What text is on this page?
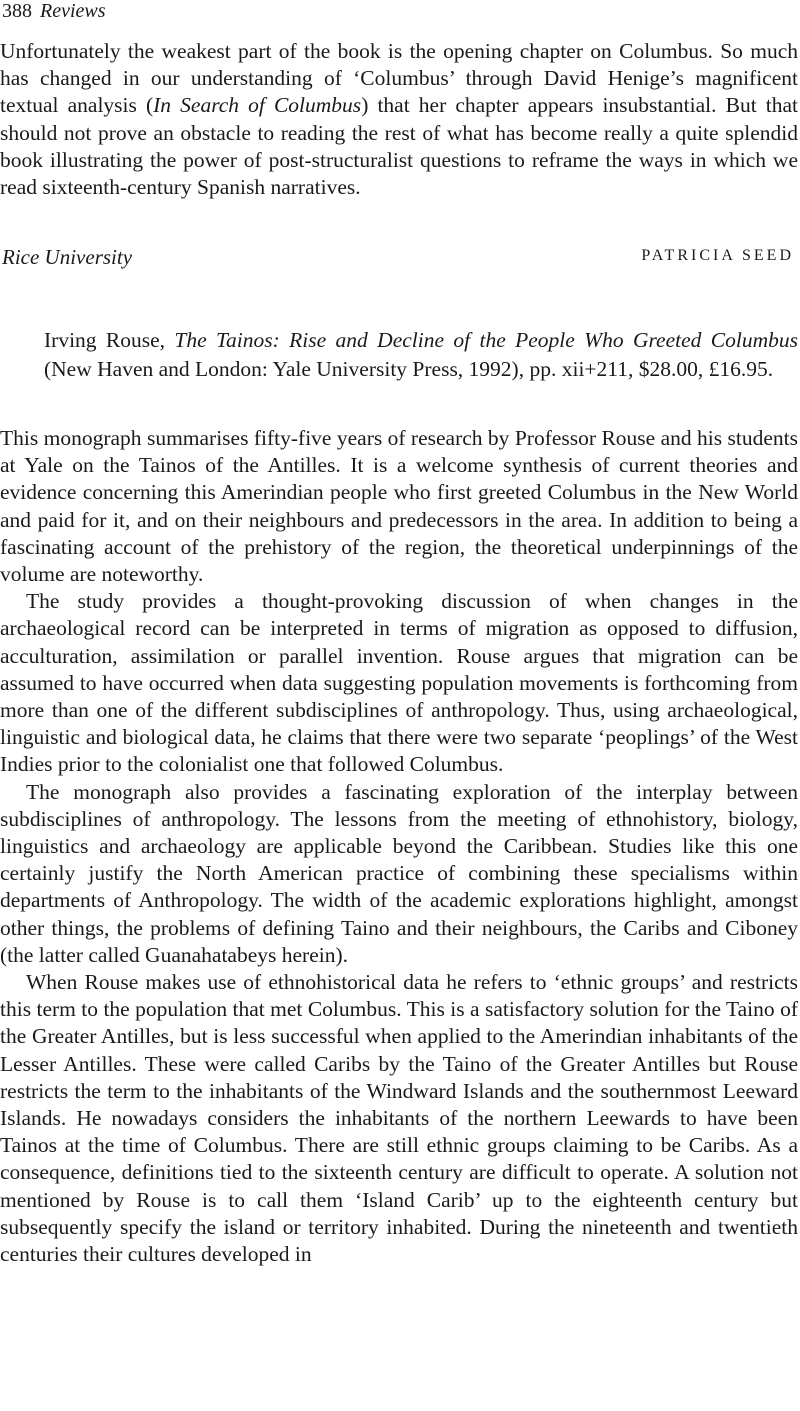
388 Reviews

Unfortunately the weakest part of the book is the opening chapter on Columbus. So much has changed in our understanding of ‘Columbus’ through David Henige’s magnificent textual analysis (In Search of Columbus) that her chapter appears insubstantial. But that should not prove an obstacle to reading the rest of what has become really a quite splendid book illustrating the power of post-structuralist questions to reframe the ways in which we read sixteenth-century Spanish narratives.

Rice University	PATRICIA SEED

Irving Rouse, The Tainos: Rise and Decline of the People Who Greeted Columbus (New Haven and London: Yale University Press, 1992), pp. xii+211, $28.00, £16.95.

This monograph summarises fifty-five years of research by Professor Rouse and his students at Yale on the Tainos of the Antilles. It is a welcome synthesis of current theories and evidence concerning this Amerindian people who first greeted Columbus in the New World and paid for it, and on their neighbours and predecessors in the area. In addition to being a fascinating account of the prehistory of the region, the theoretical underpinnings of the volume are noteworthy.

The study provides a thought-provoking discussion of when changes in the archaeological record can be interpreted in terms of migration as opposed to diffusion, acculturation, assimilation or parallel invention. Rouse argues that migration can be assumed to have occurred when data suggesting population movements is forthcoming from more than one of the different subdisciplines of anthropology. Thus, using archaeological, linguistic and biological data, he claims that there were two separate ‘peoplings’ of the West Indies prior to the colonialist one that followed Columbus.

The monograph also provides a fascinating exploration of the interplay between subdisciplines of anthropology. The lessons from the meeting of ethnohistory, biology, linguistics and archaeology are applicable beyond the Caribbean. Studies like this one certainly justify the North American practice of combining these specialisms within departments of Anthropology. The width of the academic explorations highlight, amongst other things, the problems of defining Taino and their neighbours, the Caribs and Ciboney (the latter called Guanahatabeys herein).

When Rouse makes use of ethnohistorical data he refers to ‘ethnic groups’ and restricts this term to the population that met Columbus. This is a satisfactory solution for the Taino of the Greater Antilles, but is less successful when applied to the Amerindian inhabitants of the Lesser Antilles. These were called Caribs by the Taino of the Greater Antilles but Rouse restricts the term to the inhabitants of the Windward Islands and the southernmost Leeward Islands. He nowadays considers the inhabitants of the northern Leewards to have been Tainos at the time of Columbus. There are still ethnic groups claiming to be Caribs. As a consequence, definitions tied to the sixteenth century are difficult to operate. A solution not mentioned by Rouse is to call them ‘Island Carib’ up to the eighteenth century but subsequently specify the island or territory inhabited. During the nineteenth and twentieth centuries their cultures developed in
